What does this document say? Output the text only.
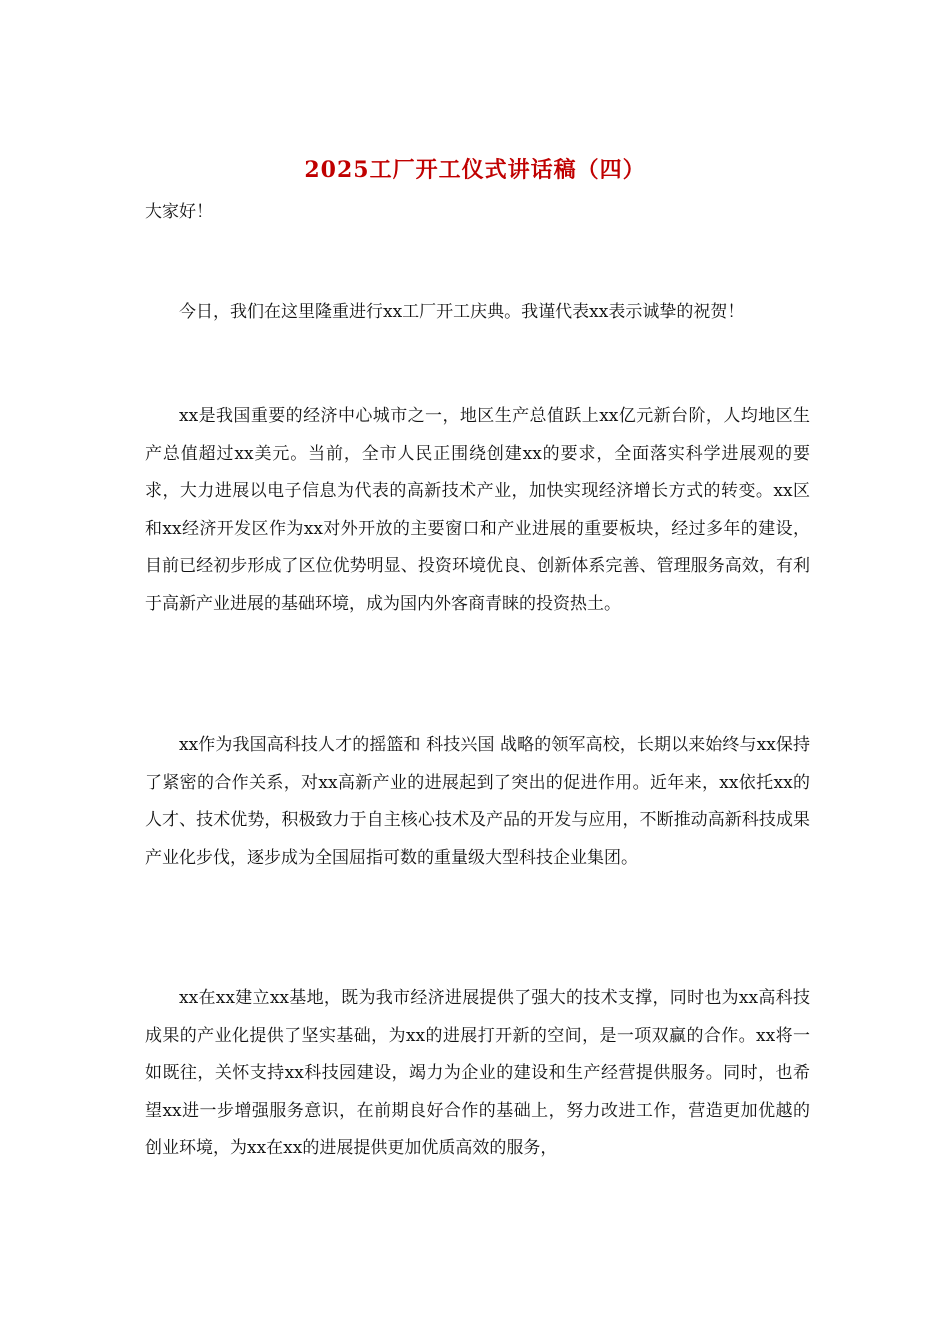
2025工厂开工仪式讲话稿（四）
大家好！

今日，我们在这里隆重进行xx工厂开工庆典。我谨代表xx表示诚挚的祝贺！

xx是我国重要的经济中心城市之一，地区生产总值跃上xx亿元新台阶，人均地区生产总值超过xx美元。当前，全市人民正围绕创建xx的要求，全面落实科学进展观的要求，大力进展以电子信息为代表的高新技术产业，加快实现经济增长方式的转变。xx区和xx经济开发区作为xx对外开放的主要窗口和产业进展的重要板块，经过多年的建设，目前已经初步形成了区位优势明显、投资环境优良、创新体系完善、管理服务高效，有利于高新产业进展的基础环境，成为国内外客商青睐的投资热土。

xx作为我国高科技人才的摇篮和 科技兴国 战略的领军高校，长期以来始终与xx保持了紧密的合作关系，对xx高新产业的进展起到了突出的促进作用。近年来，xx依托xx的人才、技术优势，积极致力于自主核心技术及产品的开发与应用，不断推动高新科技成果产业化步伐，逐步成为全国屈指可数的重量级大型科技企业集团。

xx在xx建立xx基地，既为我市经济进展提供了强大的技术支撑，同时也为xx高科技成果的产业化提供了坚实基础，为xx的进展打开新的空间，是一项双赢的合作。xx将一如既往，关怀支持xx科技园建设，竭力为企业的建设和生产经营提供服务。同时，也希望xx进一步增强服务意识，在前期良好合作的基础上，努力改进工作，营造更加优越的创业环境，为xx在xx的进展提供更加优质高效的服务，
